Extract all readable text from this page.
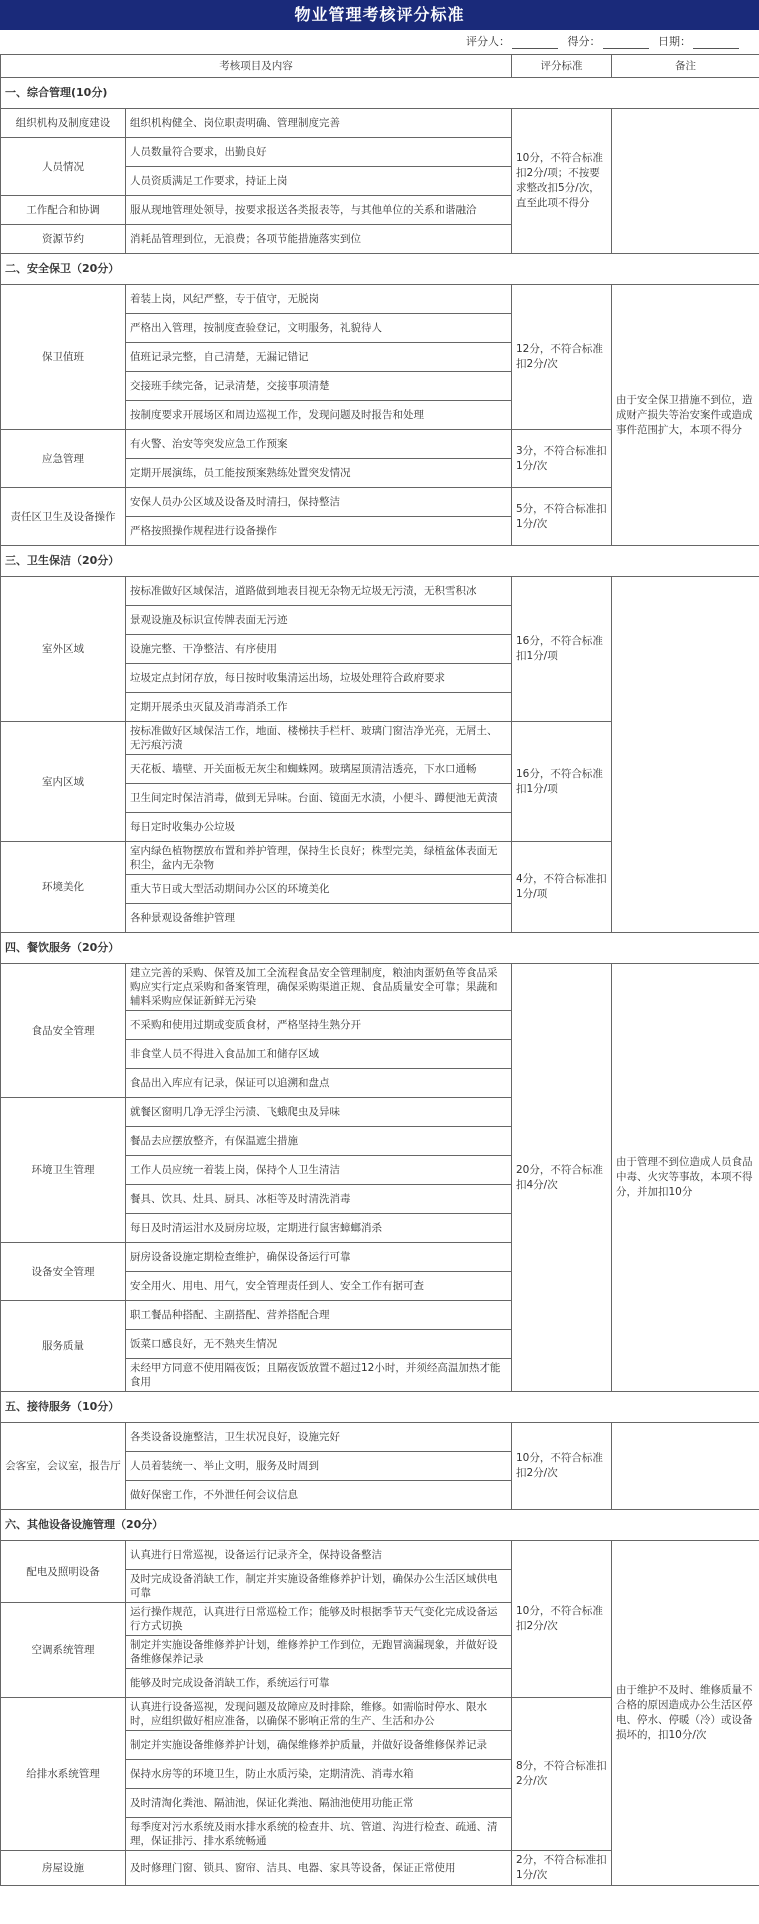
物业管理考核评分标准
评分人：	得分：	日期：
考核项目及内容		评分标准	备注
一、综合管理(10分)			
组织机构及制度建设	组织机构健全、岗位职责明确、管理制度完善	10分，不符合标准扣2分/项；不按要求整改扣5分/次，直至此项不得分	
人员情况	人员数量符合要求，出勤良好		
	人员资质满足工作要求，持证上岗		
工作配合和协调	服从现地管理处领导，按要求报送各类报表等，与其他单位的关系和谐融洽		
资源节约	消耗品管理到位，无浪费；各项节能措施落实到位		
二、安全保卫（20分）			
保卫值班	着装上岗，风纪严整，专于值守，无脱岗	12分，不符合标准扣2分/次	由于安全保卫措施不到位，造成财产损失等治安案件或造成事件范围扩大，本项不得分
	严格出入管理，按制度查验登记，文明服务，礼貌待人		
	值班记录完整，自己清楚，无漏记错记		
	交接班手续完备，记录清楚，交接事项清楚		
	按制度要求开展场区和周边巡视工作，发现问题及时报告和处理		
应急管理	有火警、治安等突发应急工作预案	3分，不符合标准扣1分/次	
	定期开展演练，员工能按预案熟练处置突发情况		
责任区卫生及设备操作	安保人员办公区域及设备及时清扫，保持整洁	5分，不符合标准扣1分/次	
	严格按照操作规程进行设备操作		
三、卫生保洁（20分）			
室外区域	按标准做好区域保洁，道路做到地表目视无杂物无垃圾无污渍，无积雪积冰	16分，不符合标准扣1分/项	
	景观设施及标识宣传牌表面无污迹		
	设施完整、干净整洁、有序使用		
	垃圾定点封闭存放，每日按时收集清运出场，垃圾处理符合政府要求		
	定期开展杀虫灭鼠及消毒消杀工作		
室内区域	按标准做好区域保洁工作，地面、楼梯扶手栏杆、玻璃门窗洁净光亮，无屑土、无污痕污渍	16分，不符合标准扣1分/项	
	天花板、墙壁、开关面板无灰尘和蜘蛛网。玻璃屋顶清洁透亮，下水口通畅		
	卫生间定时保洁消毒，做到无异味。台面、镜面无水渍，小便斗、蹲便池无黄渍		
	每日定时收集办公垃圾		
环境美化	室内绿色植物摆放布置和养护管理，保持生长良好；株型完美，绿植盆体表面无积尘，盆内无杂物	4分，不符合标准扣1分/项	
	重大节日或大型活动期间办公区的环境美化		
	各种景观设备维护管理		
四、餐饮服务（20分）			
食品安全管理	建立完善的采购、保管及加工全流程食品安全管理制度，粮油肉蛋奶鱼等食品采购应实行定点采购和备案管理，确保采购渠道正规、食品质量安全可靠；果蔬和辅料采购应保证新鲜无污染	20分，不符合标准扣4分/次	由于管理不到位造成人员食品中毒、火灾等事故，本项不得分，并加扣10分
	不采购和使用过期或变质食材，严格坚持生熟分开		
	非食堂人员不得进入食品加工和储存区域		
	食品出入库应有记录，保证可以追溯和盘点		
环境卫生管理	就餐区窗明几净无浮尘污渍、飞蛾爬虫及异味		
	餐品去应摆放整齐，有保温遮尘措施		
	工作人员应统一着装上岗，保持个人卫生清洁		
	餐具、饮具、灶具、厨具、冰柜等及时清洗消毒		
	每日及时清运泔水及厨房垃圾，定期进行鼠害蟑螂消杀		
设备安全管理	厨房设备设施定期检查维护，确保设备运行可靠		
	安全用火、用电、用气，安全管理责任到人、安全工作有据可查		
服务质量	职工餐品种搭配、主副搭配、营养搭配合理		
	饭菜口感良好，无不熟夹生情况		
	未经甲方同意不使用隔夜饭；且隔夜饭放置不超过12小时，并须经高温加热才能食用		
五、接待服务（10分）			
会客室，会议室，报告厅	各类设备设施整洁，卫生状况良好，设施完好	10分，不符合标准扣2分/次	
	人员着装统一、举止文明，服务及时周到		
	做好保密工作，不外泄任何会议信息		
六、其他设备设施管理（20分）			
配电及照明设备	认真进行日常巡视，设备运行记录齐全，保持设备整洁	10分，不符合标准扣2分/次	由于维护不及时、维修质量不合格的原因造成办公生活区停电、停水、停暖（冷）或设备损坏的，扣10分/次
	及时完成设备消缺工作，制定并实施设备维修养护计划，确保办公生活区域供电可靠		
空调系统管理	运行操作规范，认真进行日常巡检工作；能够及时根据季节天气变化完成设备运行方式切换		
	制定并实施设备维修养护计划，维修养护工作到位，无跑冒滴漏现象，并做好设备维修保养记录		
	能够及时完成设备消缺工作，系统运行可靠		
给排水系统管理	认真进行设备巡视，发现问题及故障应及时排除，维修。如需临时停水、限水时，应组织做好相应准备，以确保不影响正常的生产、生活和办公	8分，不符合标准扣2分/次	
	制定并实施设备维修养护计划，确保维修养护质量，并做好设备维修保养记录		
	保持水房等的环境卫生，防止水质污染，定期清洗、消毒水箱		
	及时清淘化粪池、隔油池，保证化粪池、隔油池使用功能正常		
	每季度对污水系统及雨水排水系统的检查井、坑、管道、沟进行检查、疏通、清理，保证排污、排水系统畅通		
房屋设施	及时修理门窗、锁具、窗帘、洁具、电器、家具等设备，保证正常使用	2分，不符合标准扣1分/次	
